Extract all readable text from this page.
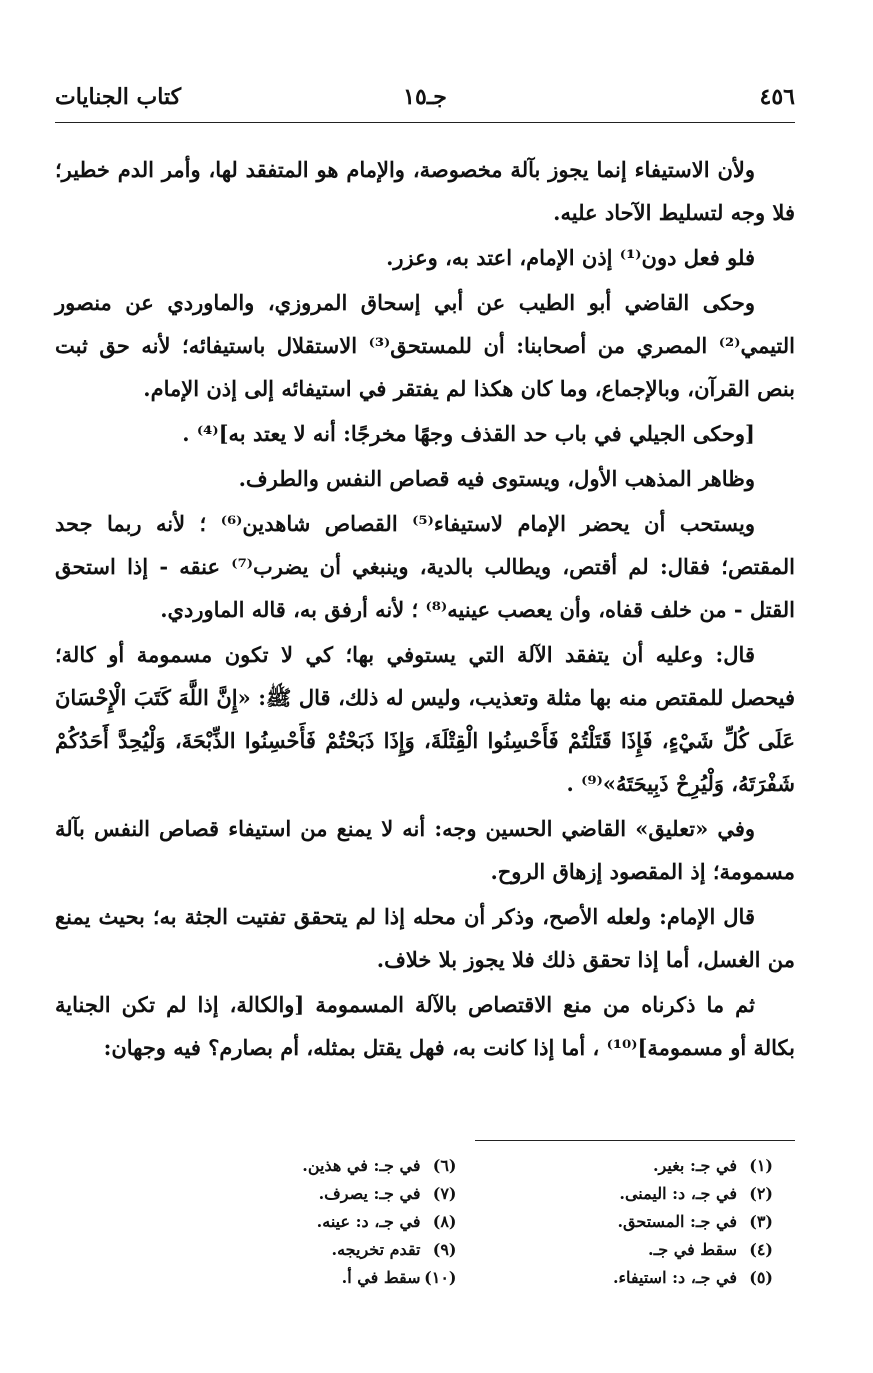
٤٥٦
جـ١٥
كتاب الجنايات

ولأن الاستيفاء إنما يجوز بآلة مخصوصة، والإمام هو المتفقد لها، وأمر الدم خطير؛ فلا وجه لتسليط الآحاد عليه.

فلو فعل دون⁽¹⁾ إذن الإمام، اعتد به، وعزر.

وحكى القاضي أبو الطيب عن أبي إسحاق المروزي، والماوردي عن منصور التيمي⁽²⁾ المصري من أصحابنا: أن للمستحق⁽³⁾ الاستقلال باستيفائه؛ لأنه حق ثبت بنص القرآن، وبالإجماع، وما كان هكذا لم يفتقر في استيفائه إلى إذن الإمام.

[وحكى الجيلي في باب حد القذف وجهًا مخرجًا: أنه لا يعتد به]⁽⁴⁾ .

وظاهر المذهب الأول، ويستوى فيه قصاص النفس والطرف.

ويستحب أن يحضر الإمام لاستيفاء⁽⁵⁾ القصاص شاهدين⁽⁶⁾ ؛ لأنه ربما جحد المقتص؛ فقال: لم أقتص، ويطالب بالدية، وينبغي أن يضرب⁽⁷⁾ عنقه - إذا استحق القتل - من خلف قفاه، وأن يعصب عينيه⁽⁸⁾ ؛ لأنه أرفق به، قاله الماوردي.

قال: وعليه أن يتفقد الآلة التي يستوفي بها؛ كي لا تكون مسمومة أو كالة؛ فيحصل للمقتص منه بها مثلة وتعذيب، وليس له ذلك، قال ﷺ: «إِنَّ اللَّهَ كَتَبَ الْإِحْسَانَ عَلَى كُلِّ شَيْءٍ، فَإِذَا قَتَلْتُمْ فَأَحْسِنُوا الْقِتْلَةَ، وَإِذَا ذَبَحْتُمْ فَأَحْسِنُوا الذِّبْحَةَ، وَلْيُحِدَّ أَحَدُكُمْ شَفْرَتَهُ، وَلْيُرِحْ ذَبِيحَتَهُ»⁽⁹⁾ .

وفي «تعليق» القاضي الحسين وجه: أنه لا يمنع من استيفاء قصاص النفس بآلة مسمومة؛ إذ المقصود إزهاق الروح.

قال الإمام: ولعله الأصح، وذكر أن محله إذا لم يتحقق تفتيت الجثة به؛ بحيث يمنع من الغسل، أما إذا تحقق ذلك فلا يجوز بلا خلاف.

ثم ما ذكرناه من منع الاقتصاص بالآلة المسمومة [والكالة، إذا لم تكن الجناية بكالة أو مسمومة]⁽¹⁰⁾ ، أما إذا كانت به، فهل يقتل بمثله، أم بصارم؟ فيه وجهان:

(١)في جـ: بغير.
(٢)في جـ، د: اليمنى.
(٣)في جـ: المستحق.
(٤)سقط في جـ.
(٥)في جـ، د: استيفاء.
(٦)في جـ: في هذين.
(٧)في جـ: يصرف.
(٨)في جـ، د: عينه.
(٩)تقدم تخريجه.
(١٠)سقط في أ.
